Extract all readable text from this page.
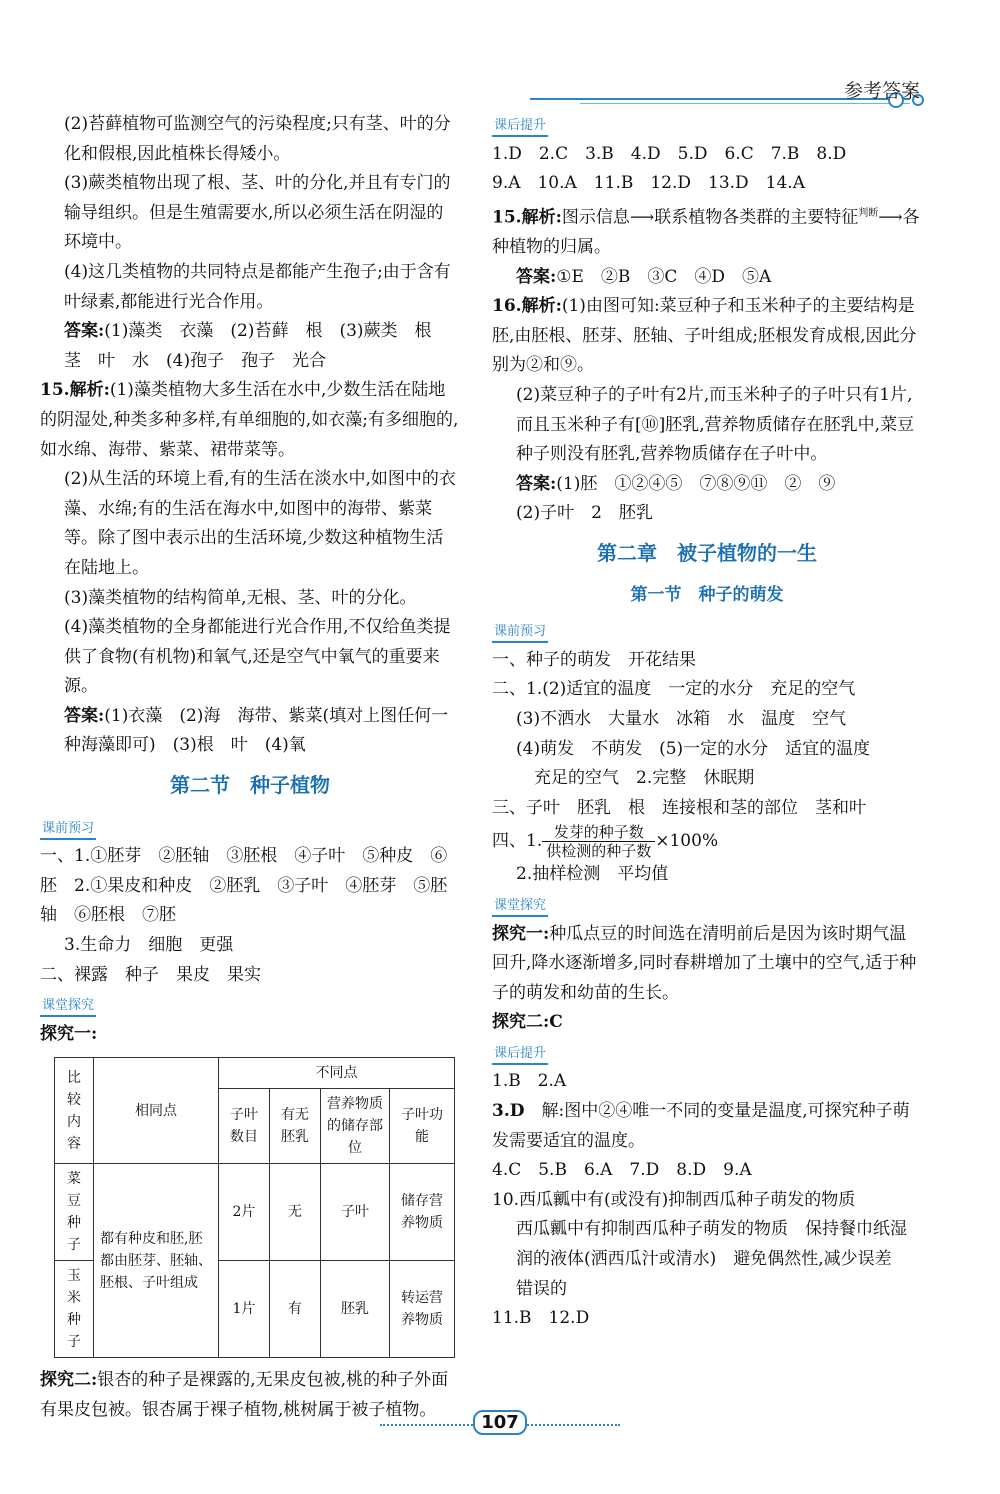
参考答案

(2)苔藓植物可监测空气的污染程度;只有茎、叶的分化和假根,因此植株长得矮小。

(3)蕨类植物出现了根、茎、叶的分化,并且有专门的输导组织。但是生殖需要水,所以必须生活在阴湿的环境中。

(4)这几类植物的共同特点是都能产生孢子;由于含有叶绿素,都能进行光合作用。

答案:(1)藻类　衣藻　(2)苔藓　根　(3)蕨类　根　茎　叶　水　(4)孢子　孢子　光合

15.解析:(1)藻类植物大多生活在水中,少数生活在陆地的阴湿处,种类多种多样,有单细胞的,如衣藻;有多细胞的,如水绵、海带、紫菜、裙带菜等。

(2)从生活的环境上看,有的生活在淡水中,如图中的衣藻、水绵;有的生活在海水中,如图中的海带、紫菜等。除了图中表示出的生活环境,少数这种植物生活在陆地上。

(3)藻类植物的结构简单,无根、茎、叶的分化。

(4)藻类植物的全身都能进行光合作用,不仅给鱼类提供了食物(有机物)和氧气,还是空气中氧气的重要来源。

答案:(1)衣藻　(2)海　海带、紫菜(填对上图任何一种海藻即可)　(3)根　叶　(4)氧

第二节　种子植物
课前预习

一、1.①胚芽　②胚轴　③胚根　④子叶　⑤种皮　⑥胚　2.①果皮和种皮　②胚乳　③子叶　④胚芽　⑤胚轴　⑥胚根　⑦胚

3.生命力　细胞　更强

二、裸露　种子　果皮　果实

课堂探究

探究一:

比较内容	相同点	不同点			
		子叶数目	有无胚乳	营养物质的储存部位	子叶功能
菜豆种子	都有种皮和胚,胚都由胚芽、胚轴、胚根、子叶组成	2片	无	子叶	储存营养物质
玉米种子		1片	有	胚乳	转运营养物质

探究二:银杏的种子是裸露的,无果皮包被,桃的种子外面有果皮包被。银杏属于裸子植物,桃树属于被子植物。

课后提升

1.D　2.C　3.B　4.D　5.D　6.C　7.B　8.D

9.A　10.A　11.B　12.D　13.D　14.A

15.解析:图示信息⟶联系植物各类群的主要特征$^{判断}$⟶各种植物的归属。

答案:①E　②B　③C　④D　⑤A

16.解析:(1)由图可知:菜豆种子和玉米种子的主要结构是胚,由胚根、胚芽、胚轴、子叶组成;胚根发育成根,因此分别为②和⑨。

(2)菜豆种子的子叶有2片,而玉米种子的子叶只有1片,而且玉米种子有[⑩]胚乳,营养物质储存在胚乳中,菜豆种子则没有胚乳,营养物质储存在子叶中。

答案:(1)胚　①②④⑤　⑦⑧⑨⑪　②　⑨

(2)子叶　2　胚乳

第二章　被子植物的一生
第一节　种子的萌发
课前预习

一、种子的萌发　开花结果

二、1.(2)适宜的温度　一定的水分　充足的空气

(3)不洒水　大量水　冰箱　水　温度　空气

(4)萌发　不萌发　(5)一定的水分　适宜的温度

充足的空气　2.完整　休眠期

三、子叶　胚乳　根　连接根和茎的部位　茎和叶

四、1. $\frac{\text{发芽的种子数}}{\text{供检测的种子数}} \times 100\%$

2.抽样检测　平均值

课堂探究

探究一:种瓜点豆的时间选在清明前后是因为该时期气温回升,降水逐渐增多,同时春耕增加了土壤中的空气,适于种子的萌发和幼苗的生长。

探究二:C

课后提升

1.B　2.A

3.D　 解:图中②④唯一不同的变量是温度,可探究种子萌发需要适宜的温度。

4.C　5.B　6.A　7.D　8.D　9.A

10.西瓜瓤中有(或没有)抑制西瓜种子萌发的物质

西瓜瓤中有抑制西瓜种子萌发的物质　保持餐巾纸湿润的液体(洒西瓜汁或清水)　避免偶然性,减少误差　错误的

11.B　12.D

107
